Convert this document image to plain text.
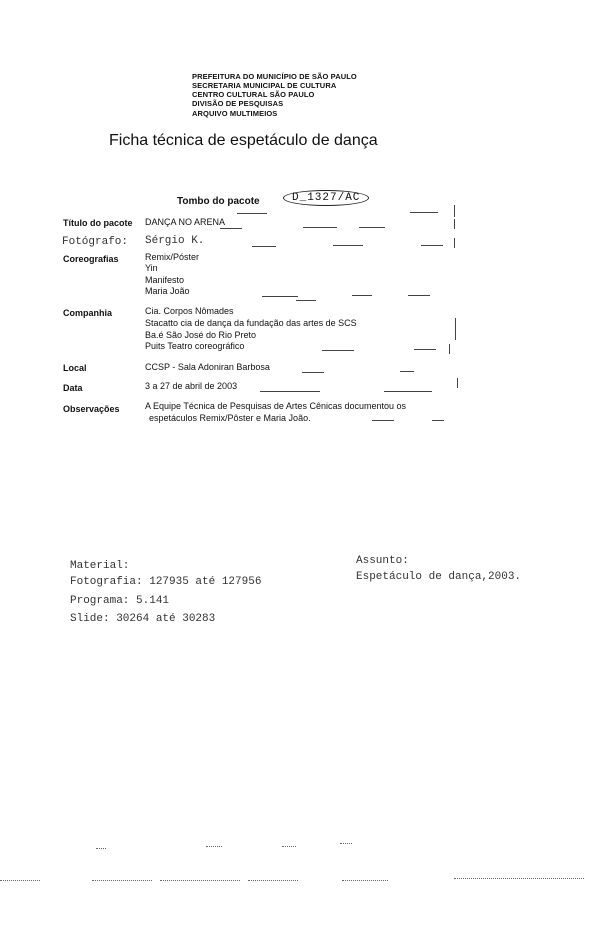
PREFEITURA DO MUNICÍPIO DE SÃO PAULO
SECRETARIA MUNICIPAL DE CULTURA
CENTRO CULTURAL SÃO PAULO
DIVISÃO DE PESQUISAS
ARQUIVO MULTIMEIOS
Ficha técnica de espetáculo de dança
Tombo do pacote	D_1327/AC
Título do pacote DANÇA NO ARENA
Fotógrafo: Sérgio K.
Coreografias	Remix/Póster
Yin
Manifesto
Maria João
Companhia	Cia. Corpos Nômades
Stacatto cia de dança da fundação das artes de SCS
Ba.é São José do Rio Preto
Puits Teatro coreográfico
Local	CCSP - Sala Adoniran Barbosa
Data	3 a 27 de abril de 2003
Observações	A Equipe Técnica de Pesquisas de Artes Cênicas documentou os
espetáculos Remix/Pôster e Maria João.
Material:
Fotografia: 127935 até 127956
Programa: 5.141
Slide: 30264 até 30283
Assunto:
Espetáculo de dança,2003.
